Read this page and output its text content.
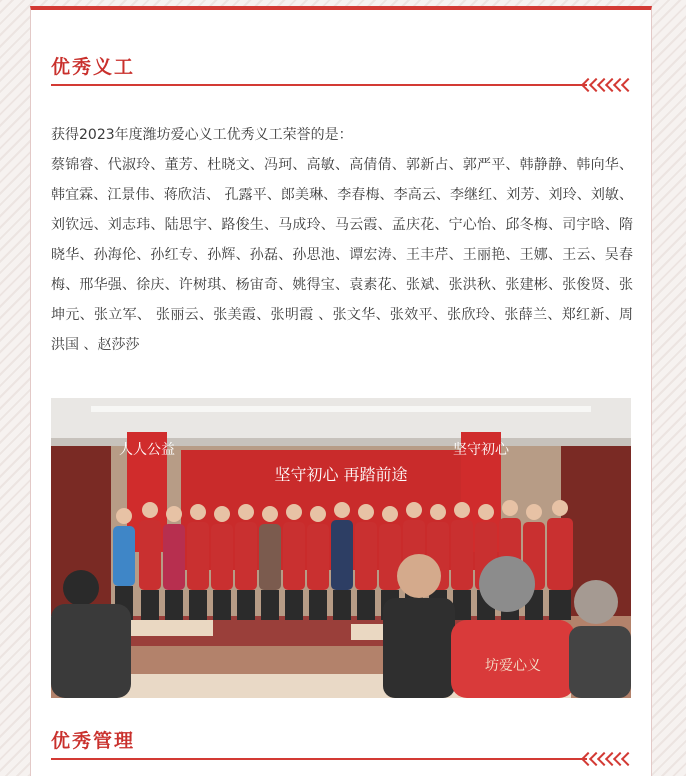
优秀义工

获得2023年度潍坊爱心义工优秀义工荣誉的是：

蔡锦睿、代淑玲、董芳、杜晓文、冯珂、高敏、高倩倩、郭新占、郭严平、韩静静、韩向华、韩宜霖、江景伟、蒋欣洁、 孔露平、郎美琳、李春梅、李高云、李继红、刘芳、刘玲、刘敏、刘钦远、刘志玮、陆思宇、路俊生、马成玲、马云霞、孟庆花、宁心怡、邱冬梅、司宇晗、隋晓华、孙海伦、孙红专、孙辉、孙磊、孙思池、谭宏涛、王丰芹、王丽艳、王娜、王云、吴春梅、邢华强、徐庆、许树琪、杨宙奇、姚得宝、袁素花、张斌、张洪秋、张建彬、张俊贤、张坤元、张立军、 张丽云、张美霞、张明霞 、张文华、张效平、张欣玲、张薛兰、郑红新、周洪国 、赵莎莎

坚守初心 再踏前途
人人公益	坚守初心
坊爱心义
优秀管理
